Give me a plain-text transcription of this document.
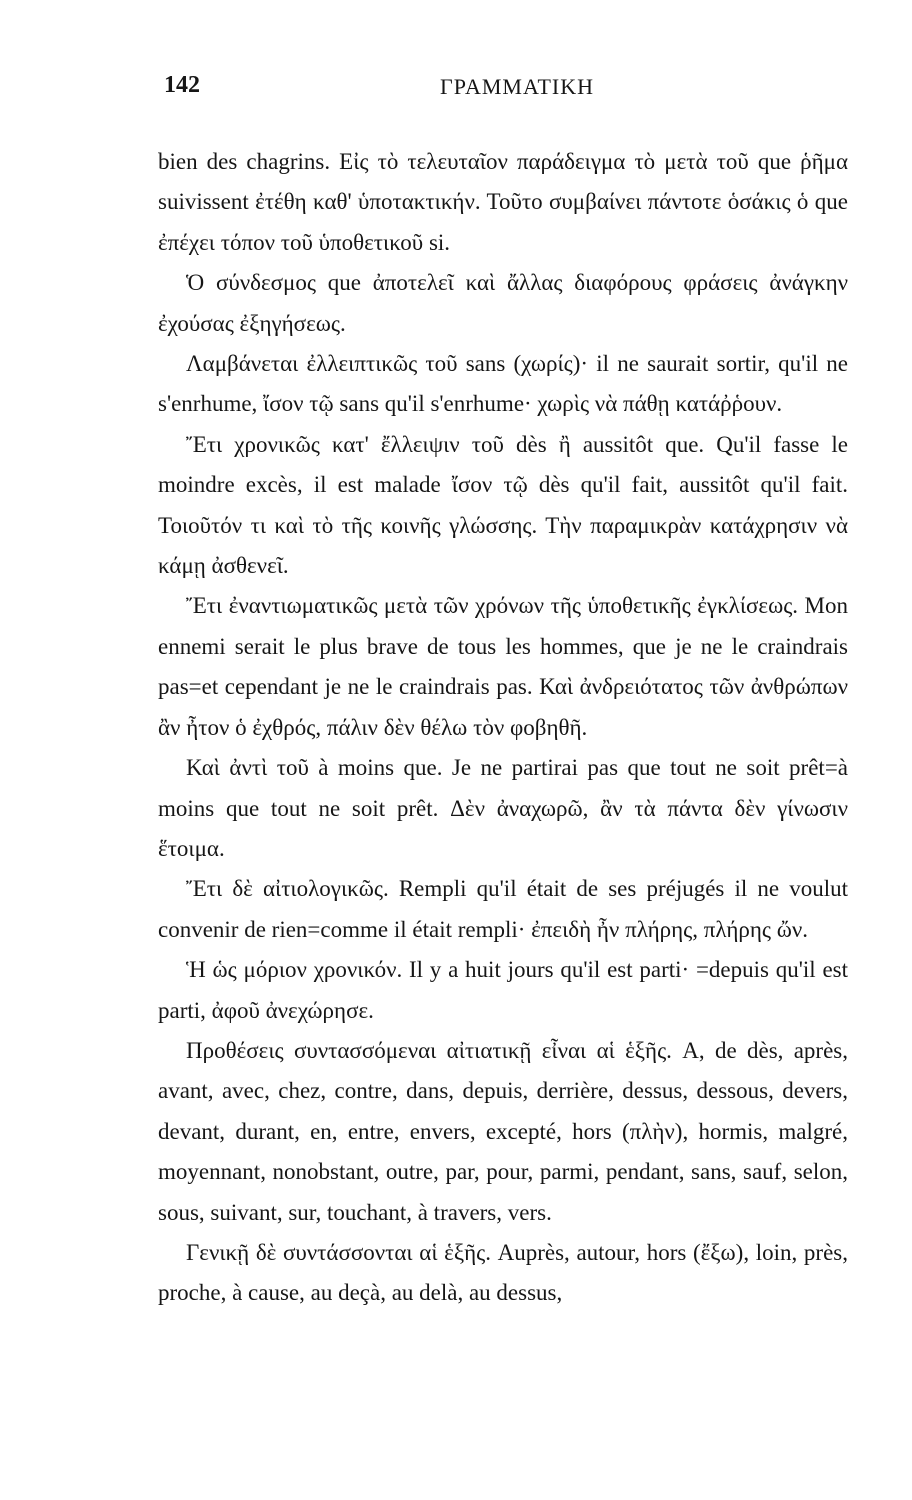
142	ΓΡΑΜΜΑΤΙΚΗ

bien des chagrins. Εἰς τὸ τελευταῖον παράδειγμα τὸ μετὰ τοῦ que ῥῆμα suivissent ἐτέθη καθ' ὑποτακτικήν. Τοῦτο συμβαίνει πάντοτε ὁσάκις ὁ que ἐπέχει τόπον τοῦ ὑποθετικοῦ si.

Ὁ σύνδεσμος que ἀποτελεῖ καὶ ἄλλας διαφόρους φράσεις ἀνάγκην ἐχούσας ἐξηγήσεως.

Λαμβάνεται ἐλλειπτικῶς τοῦ sans (χωρίς)· il ne saurait sortir, qu'il ne s'enrhume, ἴσον τῷ sans qu'il s'enrhume· χωρὶς νὰ πάθῃ κατάῤῥουν.

Ἔτι χρονικῶς κατ' ἔλλειψιν τοῦ dès ἢ aussitôt que. Qu'il fasse le moindre excès, il est malade ἴσον τῷ dès qu'il fait, aussitôt qu'il fait. Τοιοῦτόν τι καὶ τὸ τῆς κοινῆς γλώσσης. Τὴν παραμικρὰν κατάχρησιν νὰ κάμῃ ἀσθενεῖ.

Ἔτι ἐναντιωματικῶς μετὰ τῶν χρόνων τῆς ὑποθετικῆς ἐγκλίσεως. Mon ennemi serait le plus brave de tous les hommes, que je ne le craindrais pas=et cependant je ne le craindrais pas. Καὶ ἀνδρειότατος τῶν ἀνθρώπων ἂν ἦτον ὁ ἐχθρός, πάλιν δὲν θέλω τὸν φοβηθῆ.

Καὶ ἀντὶ τοῦ à moins que. Je ne partirai pas que tout ne soit prêt=à moins que tout ne soit prêt. Δὲν ἀναχωρῶ, ἂν τὰ πάντα δὲν γίνωσιν ἕτοιμα.

Ἔτι δὲ αἰτιολογικῶς. Rempli qu'il était de ses préjugés il ne voulut convenir de rien=comme il était rempli· ἐπειδὴ ἦν πλήρης, πλήρης ὤν.

Ἡ ὡς μόριον χρονικόν. Il y a huit jours qu'il est parti· =depuis qu'il est parti, ἀφοῦ ἀνεχώρησε.

Προθέσεις συντασσόμεναι αἰτιατικῇ εἶναι αἱ ἑξῆς. A, de dès, après, avant, avec, chez, contre, dans, depuis, derrière, dessus, dessous, devers, devant, durant, en, entre, envers, excepté, hors (πλὴν), hormis, malgré, moyennant, nonobstant, outre, par, pour, parmi, pendant, sans, sauf, selon, sous, suivant, sur, touchant, à travers, vers.

Γενικῇ δὲ συντάσσονται αἱ ἑξῆς. Auprès, autour, hors (ἔξω), loin, près, proche, à cause, au deçà, au delà, au dessus,
